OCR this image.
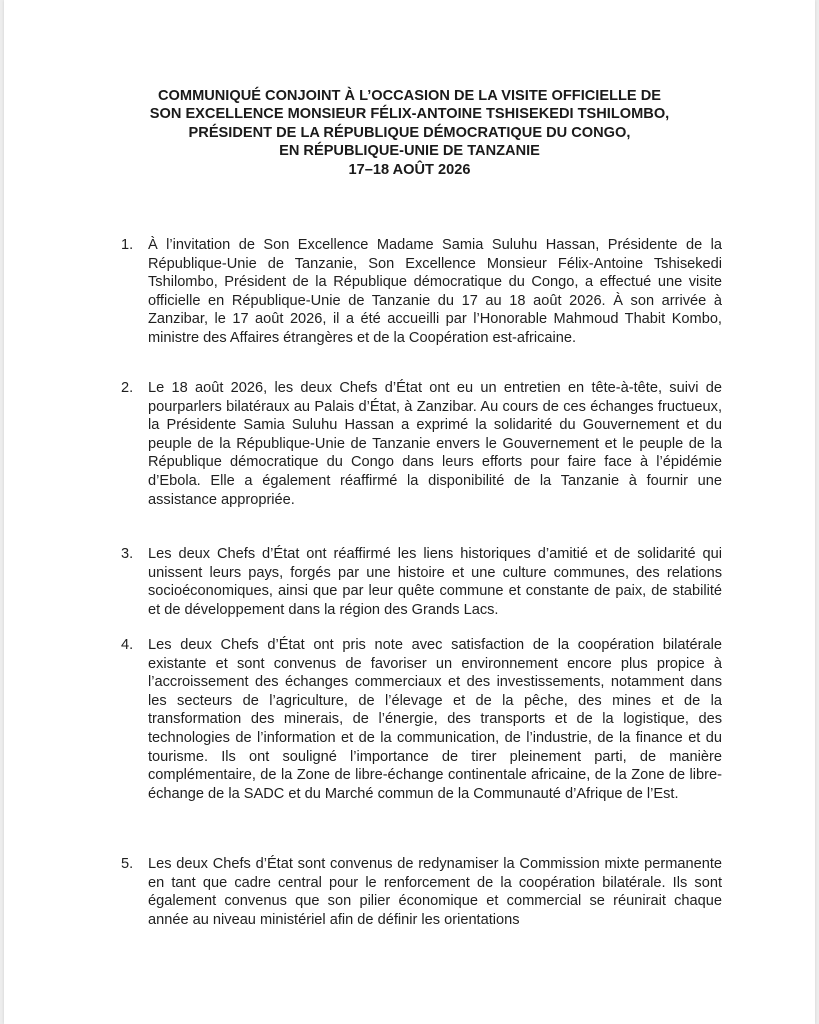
COMMUNIQUÉ CONJOINT À L’OCCASION DE LA VISITE OFFICIELLE DE
SON EXCELLENCE MONSIEUR FÉLIX-ANTOINE TSHISEKEDI TSHILOMBO,
PRÉSIDENT DE LA RÉPUBLIQUE DÉMOCRATIQUE DU CONGO,
EN RÉPUBLIQUE-UNIE DE TANZANIE
17–18 AOÛT 2026
1. À l’invitation de Son Excellence Madame Samia Suluhu Hassan, Présidente de la République-Unie de Tanzanie, Son Excellence Monsieur Félix-Antoine Tshisekedi Tshilombo, Président de la République démocratique du Congo, a effectué une visite officielle en République-Unie de Tanzanie du 17 au 18 août 2026. À son arrivée à Zanzibar, le 17 août 2026, il a été accueilli par l’Honorable Mahmoud Thabit Kombo, ministre des Affaires étrangères et de la Coopération est-africaine.

2. Le 18 août 2026, les deux Chefs d’État ont eu un entretien en tête-à-tête, suivi de pourparlers bilatéraux au Palais d’État, à Zanzibar. Au cours de ces échanges fructueux, la Présidente Samia Suluhu Hassan a exprimé la solidarité du Gouvernement et du peuple de la République-Unie de Tanzanie envers le Gouvernement et le peuple de la République démocratique du Congo dans leurs efforts pour faire face à l’épidémie d’Ebola. Elle a également réaffirmé la disponibilité de la Tanzanie à fournir une assistance appropriée.

3. Les deux Chefs d’État ont réaffirmé les liens historiques d’amitié et de solidarité qui unissent leurs pays, forgés par une histoire et une culture communes, des relations socioéconomiques, ainsi que par leur quête commune et constante de paix, de stabilité et de développement dans la région des Grands Lacs.

4. Les deux Chefs d’État ont pris note avec satisfaction de la coopération bilatérale existante et sont convenus de favoriser un environnement encore plus propice à l’accroissement des échanges commerciaux et des investissements, notamment dans les secteurs de l’agriculture, de l’élevage et de la pêche, des mines et de la transformation des minerais, de l’énergie, des transports et de la logistique, des technologies de l’information et de la communication, de l’industrie, de la finance et du tourisme. Ils ont souligné l’importance de tirer pleinement parti, de manière complémentaire, de la Zone de libre-échange continentale africaine, de la Zone de libre-échange de la SADC et du Marché commun de la Communauté d’Afrique de l’Est.

5. Les deux Chefs d’État sont convenus de redynamiser la Commission mixte permanente en tant que cadre central pour le renforcement de la coopération bilatérale. Ils sont également convenus que son pilier économique et commercial se réunirait chaque année au niveau ministériel afin de définir les orientations
